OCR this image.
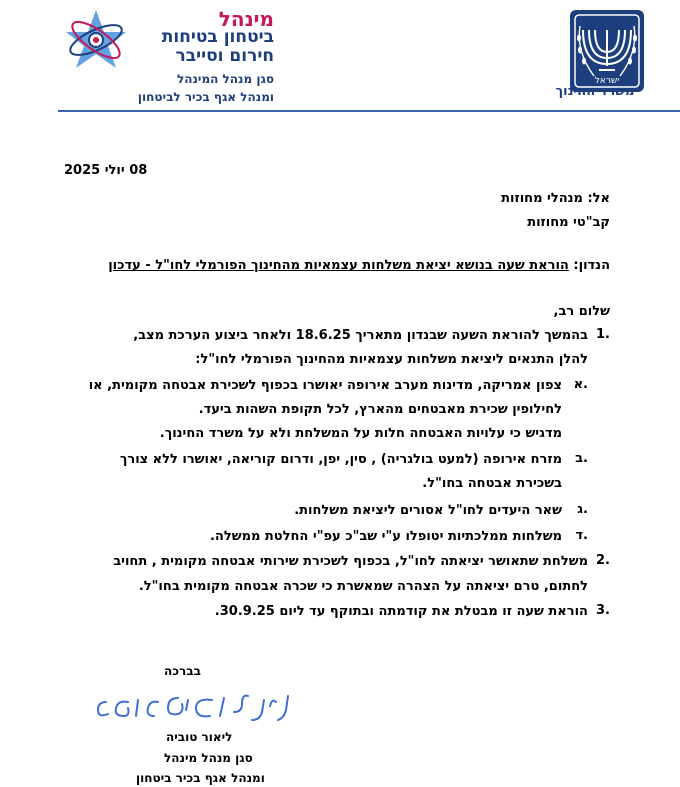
ישראל
משרד החינוך
מינהל
ביטחון בטיחות
חירום וסייבר
סגן מנהל המינהל
ומנהל אגף בכיר לביטחון
08 יולי 2025
אל: מנהלי מחוזות
קב"טי מחוזות
הנדון: הוראת שעה בנושא יציאת משלחות עצמאיות מהחינוך הפורמלי לחו"ל - עדכון
שלום רב,
1.
בהמשך להוראת השעה שבנדון מתאריך 18.6.25 ולאחר ביצוע הערכת מצב,
להלן התנאים ליציאת משלחות עצמאיות מהחינוך הפורמלי לחו"ל:
א.
צפון אמריקה, מדינות מערב אירופה יאושרו בכפוף לשכירת אבטחה מקומית, או
לחילופין שכירת מאבטחים מהארץ, לכל תקופת השהות ביעד.
מדגיש כי עלויות האבטחה חלות על המשלחת ולא על משרד החינוך.
ב.
מזרח אירופה (למעט בולגריה) , סין, יפן, ודרום קוריאה, יאושרו ללא צורך
בשכירת אבטחה בחו"ל.
ג.
שאר היעדים לחו"ל אסורים ליציאת משלחות.
ד.
משלחות ממלכתיות יטופלו ע"י שב"כ עפ"י החלטת ממשלה.
2.
משלחת שתאושר יציאתה לחו"ל, בכפוף לשכירת שירותי אבטחה מקומית , תחויב
לחתום, טרם יציאתה על הצהרה שמאשרת כי שכרה אבטחה מקומית בחו"ל.
3.
הוראת שעה זו מבטלת את קודמתה ובתוקף עד ליום 30.9.25.
בברכה
ליאור טוביה
סגן מנהל מינהל
ומנהל אגף בכיר ביטחון
